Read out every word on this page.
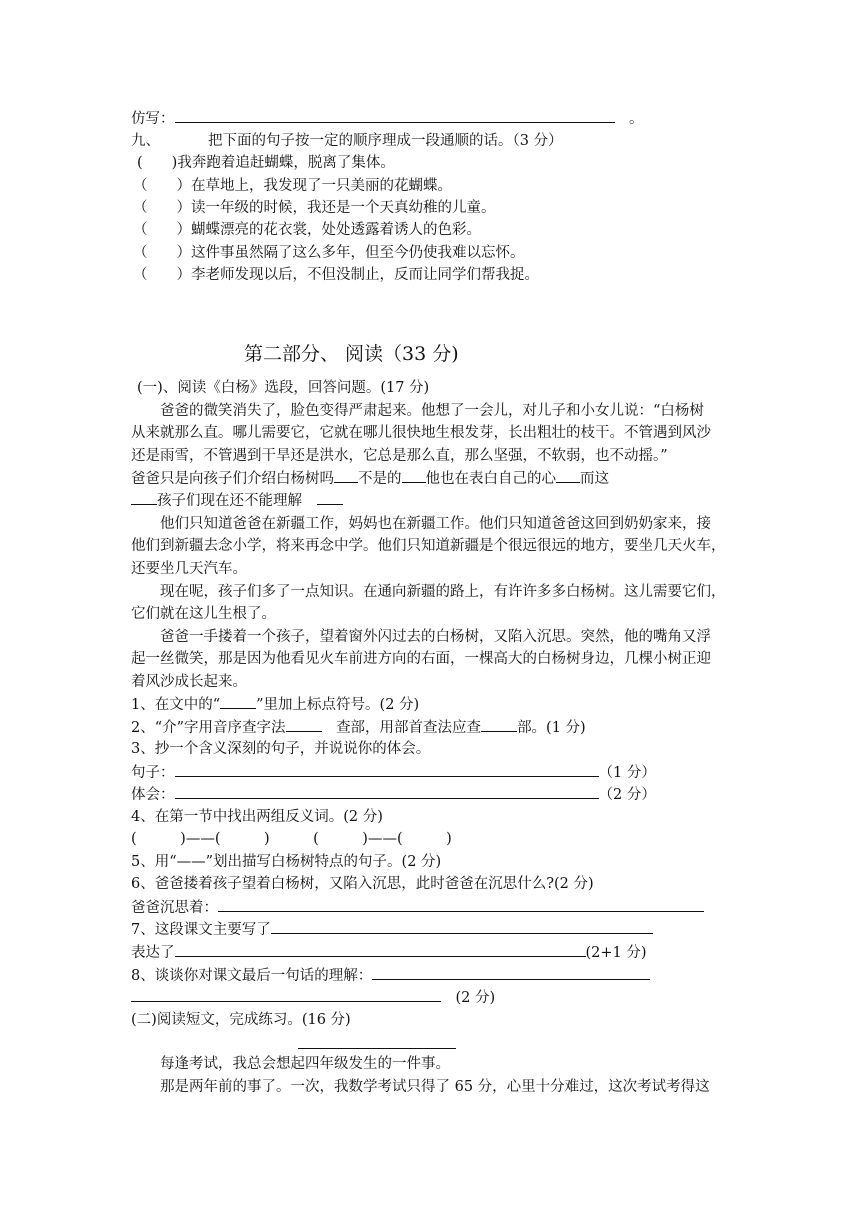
仿写：　	。
九、	把下面的句子按一定的顺序理成一段通顺的话。（3 分）
(　　)我奔跑着追赶蝴蝶，脱离了集体。
（　　）在草地上，我发现了一只美丽的花蝴蝶。
（　　）读一年级的时候，我还是一个天真幼稚的儿童。
（　　）蝴蝶漂亮的花衣裳，处处透露着诱人的色彩。
（　　）这件事虽然隔了这么多年，但至今仍使我难以忘怀。
（　　）李老师发现以后，不但没制止，反而让同学们帮我捉。
第二部分、 阅读（33 分)
(一)、阅读《白杨》选段，回答问题。(17 分)
爸爸的微笑消失了，脸色变得严肃起来。他想了一会儿，对儿子和小女儿说：“白杨树
从来就那么直。哪儿需要它，它就在哪儿很快地生根发芽，长出粗壮的枝干。不管遇到风沙
还是雨雪，不管遇到干旱还是洪水，它总是那么直，那么坚强，不软弱，也不动摇。”
爸爸只是向孩子们介绍白杨树吗 不是的 他也在表白自己的心 而这
孩子们现在还不能理解　
他们只知道爸爸在新疆工作，妈妈也在新疆工作。他们只知道爸爸这回到奶奶家来，接
他们到新疆去念小学，将来再念中学。他们只知道新疆是个很远很远的地方，要坐几天火车，
还要坐几天汽车。
现在呢，孩子们多了一点知识。在通向新疆的路上，有许许多多白杨树。这儿需要它们，
它们就在这儿生根了。
爸爸一手搂着一个孩子，望着窗外闪过去的白杨树，又陷入沉思。突然，他的嘴角又浮
起一丝微笑，那是因为他看见火车前进方向的右面，一棵高大的白杨树身边，几棵小树正迎
着风沙成长起来。
1、在文中的“ ”里加上标点符号。(2 分)
2、“介”字用音序查字法　	查部，用部首查法应查 部。(1 分)
3、抄一个含义深刻的句子，并说说你的体会。
句子：	（1 分）
体会：	（2 分）
4、在第一节中找出两组反义词。(2 分)
(　　　)——(　　　)　　　(　　　)——(　　　)
5、用“——”划出描写白杨树特点的句子。(2 分)
6、爸爸搂着孩子望着白杨树，又陷入沉思，此时爸爸在沉思什么?(2 分)
爸爸沉思着：
7、这段课文主要写了
表达了	(2+1 分)
8、谈谈你对课文最后一句话的理解：
　(2 分)
(二)阅读短文，完成练习。(16 分)
每逢考试，我总会想起四年级发生的一件事。
那是两年前的事了。一次，我数学考试只得了 65 分，心里十分难过，这次考试考得这
